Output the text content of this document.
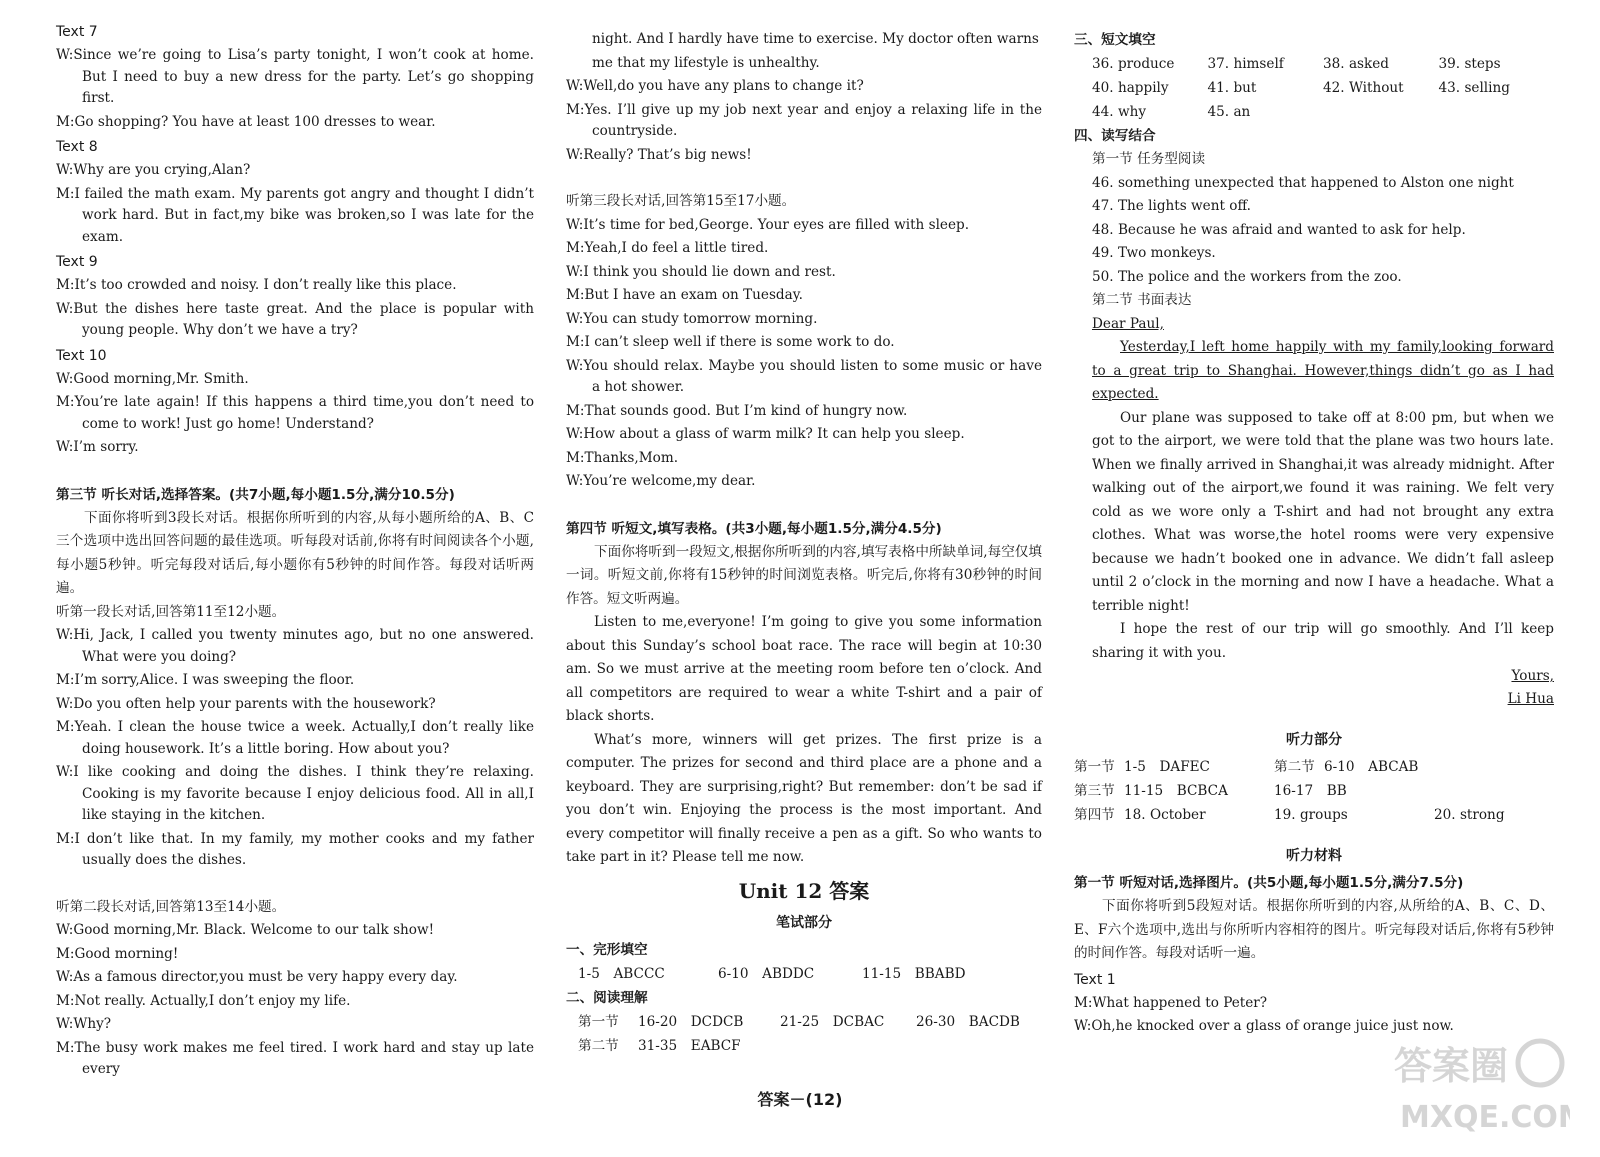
Text 7

W:Since we’re going to Lisa’s party tonight, I won’t cook at home. But I need to buy a new dress for the party. Let’s go shopping first.

M:Go shopping? You have at least 100 dresses to wear.

Text 8

W:Why are you crying,Alan?

M:I failed the math exam. My parents got angry and thought I didn’t work hard. But in fact,my bike was broken,so I was late for the exam.

Text 9

M:It’s too crowded and noisy. I don’t really like this place.

W:But the dishes here taste great. And the place is popular with young people. Why don’t we have a try?

Text 10

W:Good morning,Mr. Smith.

M:You’re late again! If this happens a third time,you don’t need to come to work! Just go home! Understand?

W:I’m sorry.

第三节 听长对话,选择答案。(共7小题,每小题1.5分,满分10.5分)

下面你将听到3段长对话。根据你所听到的内容,从每小题所给的A、B、C三个选项中选出回答问题的最佳选项。听每段对话前,你将有时间阅读各个小题,每小题5秒钟。听完每段对话后,每小题你有5秒钟的时间作答。每段对话听两遍。

听第一段长对话,回答第11至12小题。

W:Hi, Jack, I called you twenty minutes ago, but no one answered. What were you doing?

M:I’m sorry,Alice. I was sweeping the floor.

W:Do you often help your parents with the housework?

M:Yeah. I clean the house twice a week. Actually,I don’t really like doing housework. It’s a little boring. How about you?

W:I like cooking and doing the dishes. I think they’re relaxing. Cooking is my favorite because I enjoy delicious food. All in all,I like staying in the kitchen.

M:I don’t like that. In my family, my mother cooks and my father usually does the dishes.

听第二段长对话,回答第13至14小题。

W:Good morning,Mr. Black. Welcome to our talk show!

M:Good morning!

W:As a famous director,you must be very happy every day.

M:Not really. Actually,I don’t enjoy my life.

W:Why?

M:The busy work makes me feel tired. I work hard and stay up late every

night. And I hardly have time to exercise. My doctor often warns me that my lifestyle is unhealthy.

W:Well,do you have any plans to change it?

M:Yes. I’ll give up my job next year and enjoy a relaxing life in the countryside.

W:Really? That’s big news!

听第三段长对话,回答第15至17小题。

W:It’s time for bed,George. Your eyes are filled with sleep.

M:Yeah,I do feel a little tired.

W:I think you should lie down and rest.

M:But I have an exam on Tuesday.

W:You can study tomorrow morning.

M:I can’t sleep well if there is some work to do.

W:You should relax. Maybe you should listen to some music or have a hot shower.

M:That sounds good. But I’m kind of hungry now.

W:How about a glass of warm milk? It can help you sleep.

M:Thanks,Mom.

W:You’re welcome,my dear.

第四节 听短文,填写表格。(共3小题,每小题1.5分,满分4.5分)

下面你将听到一段短文,根据你所听到的内容,填写表格中所缺单词,每空仅填一词。听短文前,你将有15秒钟的时间浏览表格。听完后,你将有30秒钟的时间作答。短文听两遍。

Listen to me,everyone! I’m going to give you some information about this Sunday’s school boat race. The race will begin at 10:30 am. So we must arrive at the meeting room before ten o’clock. And all competitors are required to wear a white T-shirt and a pair of black shorts.

What’s more, winners will get prizes. The first prize is a computer. The prizes for second and third place are a phone and a keyboard. They are surprising,right? But remember: don’t be sad if you don’t win. Enjoying the process is the most important. And every competitor will finally receive a pen as a gift. So who wants to take part in it? Please tell me now.

Unit 12 答案
笔试部分

一、完形填空

1-5　ABCCC	6-10　ABDDC	11-15　BBABD

二、阅读理解

第一节	16-20　DCDCB	21-25　DCBAC	26-30　BACDB
第二节	31-35　EABCF

三、短文填空

36. produce	37. himself	38. asked	39. steps
40. happily	41. but	42. Without	43. selling
44. why	45. an

四、读写结合

第一节 任务型阅读

46. something unexpected that happened to Alston one night

47. The lights went off.

48. Because he was afraid and wanted to ask for help.

49. Two monkeys.

50. The police and the workers from the zoo.

第二节 书面表达

Dear Paul,

Yesterday,I left home happily with my family,looking forward to a great trip to Shanghai. However,things didn’t go as I had expected.

Our plane was supposed to take off at 8:00 pm, but when we got to the airport, we were told that the plane was two hours late. When we finally arrived in Shanghai,it was already midnight. After walking out of the airport,we found it was raining. We felt very cold as we wore only a T-shirt and had not brought any extra clothes. What was worse,the hotel rooms were very expensive because we hadn’t booked one in advance. We didn’t fall asleep until 2 o’clock in the morning and now I have a headache. What a terrible night!

I hope the rest of our trip will go smoothly. And I’ll keep sharing it with you.

Yours,

Li Hua

听力部分
第一节 1-5　DAFEC	第二节 6-10　ABCAB
第三节 11-15　BCBCA	16-17　BB
第四节 18. October	19. groups	20. strong
听力材料

第一节 听短对话,选择图片。(共5小题,每小题1.5分,满分7.5分)

下面你将听到5段短对话。根据你所听到的内容,从所给的A、B、C、D、E、F六个选项中,选出与你所听内容相符的图片。听完每段对话后,你将有5秒钟的时间作答。每段对话听一遍。

Text 1

M:What happened to Peter?

W:Oh,he knocked over a glass of orange juice just now.

答案－(12)
答案圈
MXQE.COM
